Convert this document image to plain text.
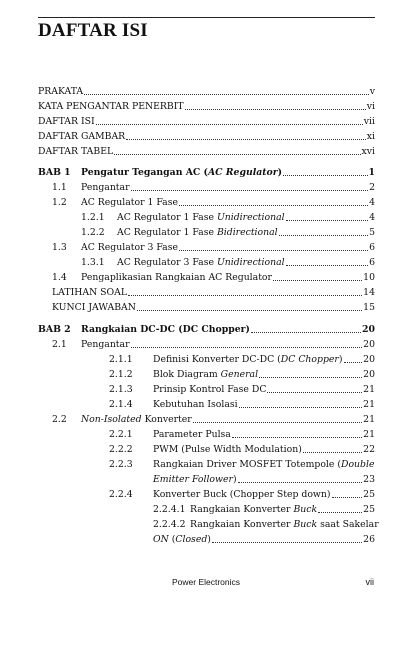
DAFTAR ISI
PRAKATA	v
KATA PENGANTAR PENERBIT	vi
DAFTAR ISI	vii
DAFTAR GAMBAR	xi
DAFTAR TABEL	xvi
BAB 1	Pengatur Tegangan AC (AC Regulator)	1
1.1	Pengantar	2
1.2	AC Regulator 1 Fase	4
1.2.1	AC Regulator 1 Fase Unidirectional	4
1.2.2	AC Regulator 1 Fase Bidirectional	5
1.3	AC Regulator 3 Fase	6
1.3.1	AC Regulator 3 Fase Unidirectional	6
1.4	Pengaplikasian Rangkaian AC Regulator	10
LATIHAN SOAL	14
KUNCI JAWABAN	15
BAB 2	Rangkaian DC-DC (DC Chopper)	20
2.1	Pengantar	20
2.1.1	Definisi Konverter DC-DC (DC Chopper) 20
2.1.2	Blok Diagram General	20
2.1.3	Prinsip Kontrol Fase DC	21
2.1.4	Kebutuhan Isolasi	21
2.2	Non-Isolated Konverter	21
2.2.1	Parameter Pulsa	21
2.2.2	PWM (Pulse Width Modulation)	22
2.2.3	Rangkaian Driver MOSFET Totempole (Double
Emitter Follower)	23
2.2.4	Konverter Buck (Chopper Step down)	25
2.2.4.1 Rangkaian Konverter Buck	25
2.2.4.2 Rangkaian Konverter Buck saat Sakelar
ON (Closed)	26
Power Electronics	vii
